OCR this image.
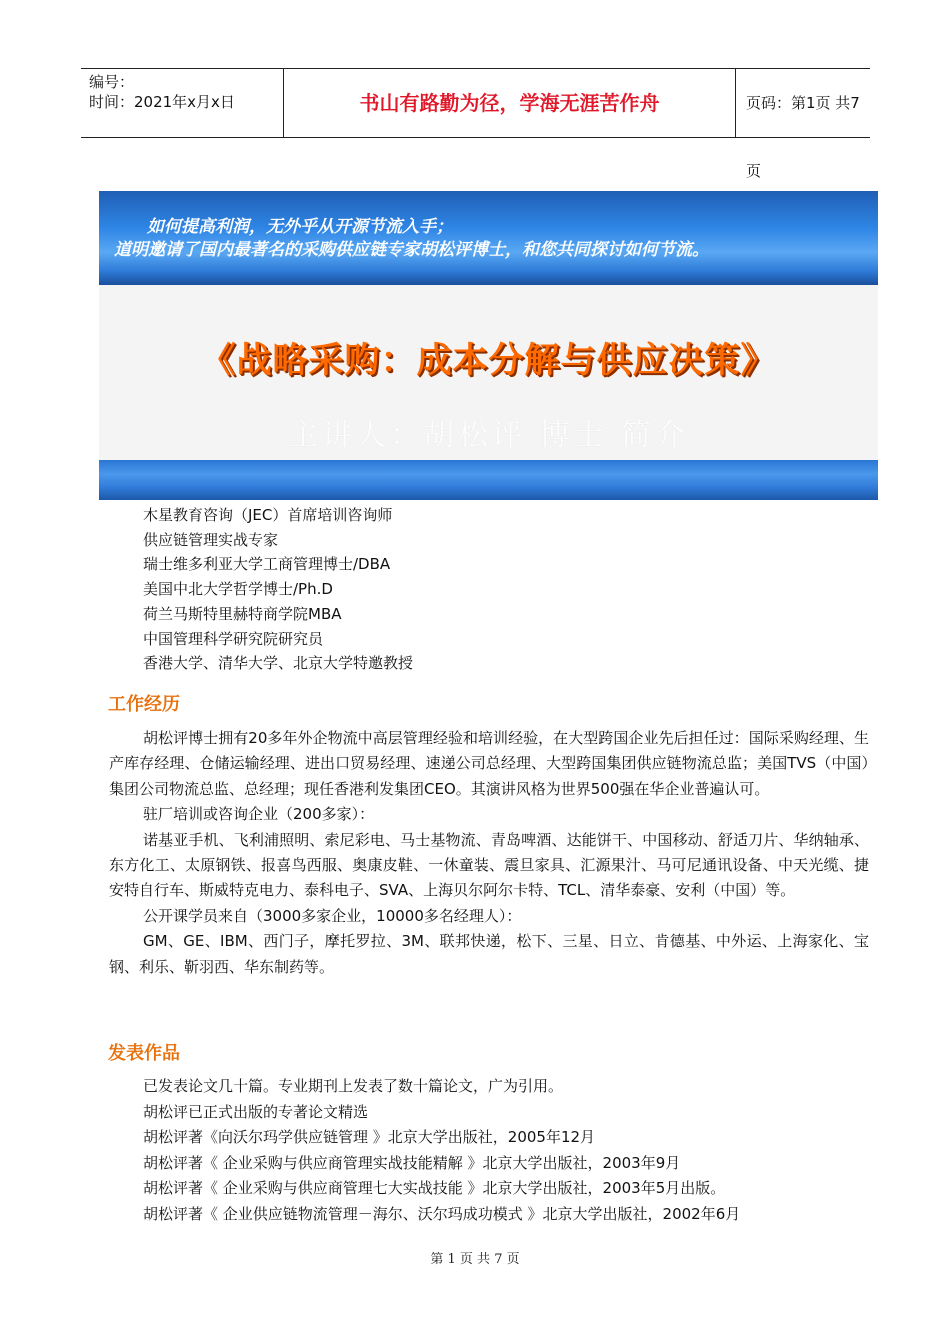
编号：
时间：2021年x月x日	书山有路勤为径，学海无涯苦作舟	页码：第1页 共7页
如何提高利润，无外乎从开源节流入手；
道明邀请了国内最著名的采购供应链专家胡松评博士，和您共同探讨如何节流。
《战略采购：成本分解与供应决策》
主讲人：胡松评 博士 简介
木星教育咨询（JEC）首席培训咨询师
供应链管理实战专家
瑞士维多利亚大学工商管理博士/DBA
美国中北大学哲学博士/Ph.D
荷兰马斯特里赫特商学院MBA
中国管理科学研究院研究员
香港大学、清华大学、北京大学特邀教授
工作经历
胡松评博士拥有20多年外企物流中高层管理经验和培训经验，在大型跨国企业先后担任过：国际采购经理、生产库存经理、仓储运输经理、进出口贸易经理、速递公司总经理、大型跨国集团供应链物流总监；美国TVS（中国）集团公司物流总监、总经理；现任香港利发集团CEO。其演讲风格为世界500强在华企业普遍认可。
驻厂培训或咨询企业（200多家）：
诺基亚手机、飞利浦照明、索尼彩电、马士基物流、青岛啤酒、达能饼干、中国移动、舒适刀片、华纳轴承、东方化工、太原钢铁、报喜鸟西服、奥康皮鞋、一休童装、震旦家具、汇源果汁、马可尼通讯设备、中天光缆、捷安特自行车、斯威特克电力、泰科电子、SVA、上海贝尔阿尔卡特、TCL、清华泰豪、安利（中国）等。
公开课学员来自（3000多家企业，10000多名经理人）：
GM、GE、IBM、西门子，摩托罗拉、3M、联邦快递，松下、三星、日立、肯德基、中外运、上海家化、宝钢、利乐、靳羽西、华东制药等。
发表作品
已发表论文几十篇。专业期刊上发表了数十篇论文，广为引用。
胡松评已正式出版的专著论文精选
胡松评著《向沃尔玛学供应链管理 》北京大学出版社，2005年12月
胡松评著《 企业采购与供应商管理实战技能精解 》北京大学出版社，2003年9月
胡松评著《 企业采购与供应商管理七大实战技能 》北京大学出版社，2003年5月出版。
胡松评著《 企业供应链物流管理－海尔、沃尔玛成功模式 》北京大学出版社，2002年6月
第 1 页 共 7 页
